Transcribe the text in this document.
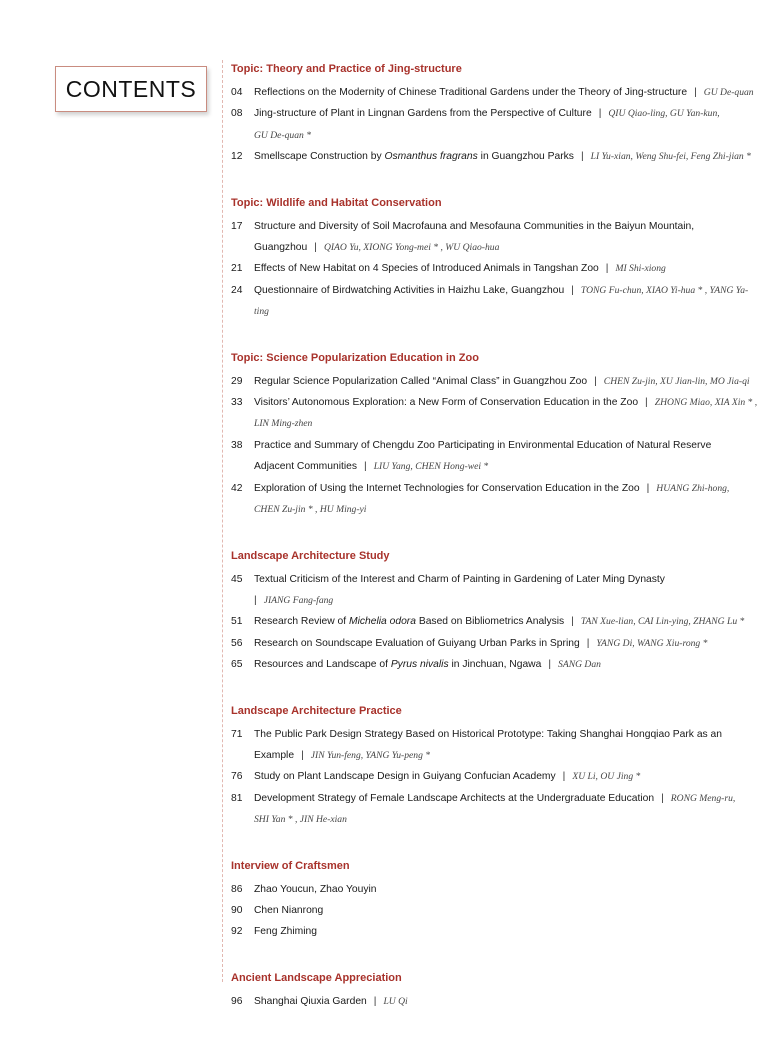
CONTENTS
Topic: Theory and Practice of Jing-structure
04	Reflections on the Modernity of Chinese Traditional Gardens under the Theory of Jing-structure | GU De-quan
08	Jing-structure of Plant in Lingnan Gardens from the Perspective of Culture | QIU Qiao-ling, GU Yan-kun,
GU De-quan *
12	Smellscape Construction by Osmanthus fragrans in Guangzhou Parks | LI Yu-xian, Weng Shu-fei, Feng Zhi-jian *
Topic: Wildlife and Habitat Conservation
17	Structure and Diversity of Soil Macrofauna and Mesofauna Communities in the Baiyun Mountain, Guangzhou | QIAO Yu, XIONG Yong-mei * , WU Qiao-hua
21	Effects of New Habitat on 4 Species of Introduced Animals in Tangshan Zoo | MI Shi-xiong
24	Questionnaire of Birdwatching Activities in Haizhu Lake, Guangzhou | TONG Fu-chun, XIAO Yi-hua * , YANG Ya-ting
Topic: Science Popularization Education in Zoo
29	Regular Science Popularization Called “Animal Class” in Guangzhou Zoo | CHEN Zu-jin, XU Jian-lin, MO Jia-qi
33	Visitors’ Autonomous Exploration: a New Form of Conservation Education in the Zoo | ZHONG Miao, XIA Xin * ,
LIN Ming-zhen
38	Practice and Summary of Chengdu Zoo Participating in Environmental Education of Natural Reserve
Adjacent Communities | LIU Yang, CHEN Hong-wei *
42	Exploration of Using the Internet Technologies for Conservation Education in the Zoo | HUANG Zhi-hong,
CHEN Zu-jin * , HU Ming-yi
Landscape Architecture Study
45	Textual Criticism of the Interest and Charm of Painting in Gardening of Later Ming Dynasty
| JIANG Fang-fang
51	Research Review of Michelia odora Based on Bibliometrics Analysis | TAN Xue-lian, CAI Lin-ying, ZHANG Lu *
56	Research on Soundscape Evaluation of Guiyang Urban Parks in Spring | YANG Di, WANG Xiu-rong *
65	Resources and Landscape of Pyrus nivalis in Jinchuan, Ngawa | SANG Dan
Landscape Architecture Practice
71	The Public Park Design Strategy Based on Historical Prototype: Taking Shanghai Hongqiao Park as an
Example | JIN Yun-feng, YANG Yu-peng *
76	Study on Plant Landscape Design in Guiyang Confucian Academy | XU Li, OU Jing *
81	Development Strategy of Female Landscape Architects at the Undergraduate Education | RONG Meng-ru,
SHI Yan * , JIN He-xian
Interview of Craftsmen
86	Zhao Youcun, Zhao Youyin
90	Chen Nianrong
92	Feng Zhiming
Ancient Landscape Appreciation
96	Shanghai Qiuxia Garden | LU Qi
